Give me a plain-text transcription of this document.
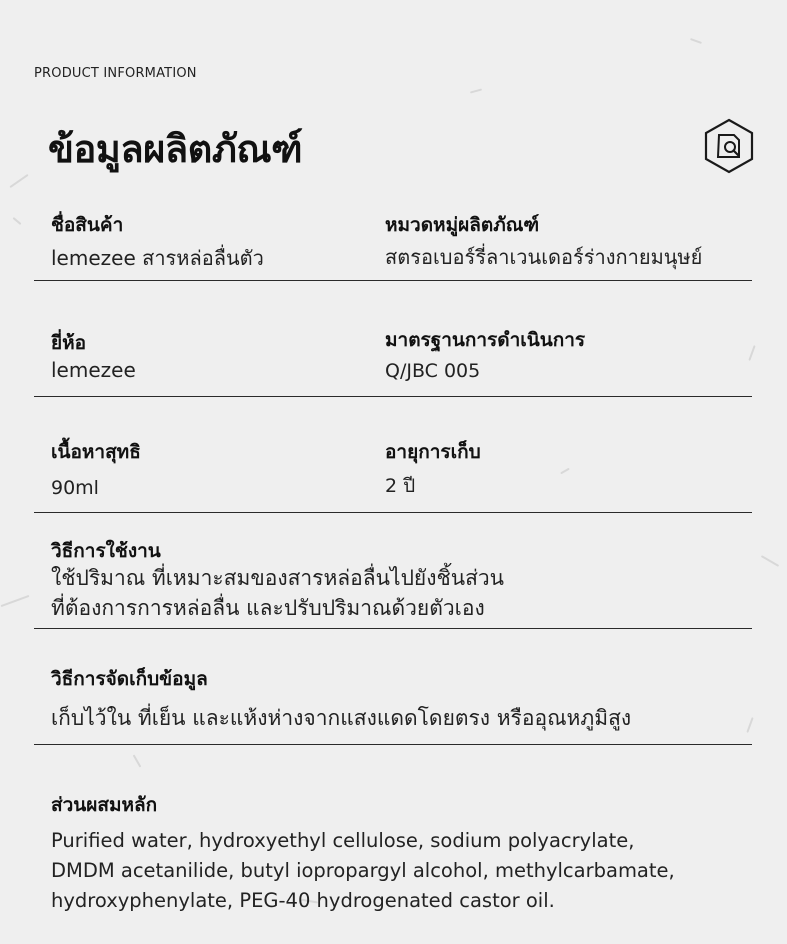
PRODUCT INFORMATION
ข้อมูลผลิตภัณฑ์
ชื่อสินค้า
lemezee สารหล่อลื่นตัว
หมวดหมู่ผลิตภัณฑ์
สตรอเบอร์รี่ลาเวนเดอร์ร่างกายมนุษย์
ยี่ห้อ
lemezee
มาตรฐานการดำเนินการ
Q/JBC 005
เนื้อหาสุทธิ
90ml
อายุการเก็บ
2 ปี
วิธีการใช้งาน
ใช้ปริมาณ ที่เหมาะสมของสารหล่อลื่นไปยังชิ้นส่วน
ที่ต้องการการหล่อลื่น และปรับปริมาณด้วยตัวเอง
วิธีการจัดเก็บข้อมูล
เก็บไว้ใน ที่เย็น และแห้งห่างจากแสงแดดโดยตรง หรืออุณหภูมิสูง
ส่วนผสมหลัก
Purified water, hydroxyethyl cellulose, sodium polyacrylate,
DMDM acetanilide, butyl iopropargyl alcohol, methylcarbamate,
hydroxyphenylate, PEG-40 hydrogenated castor oil.
